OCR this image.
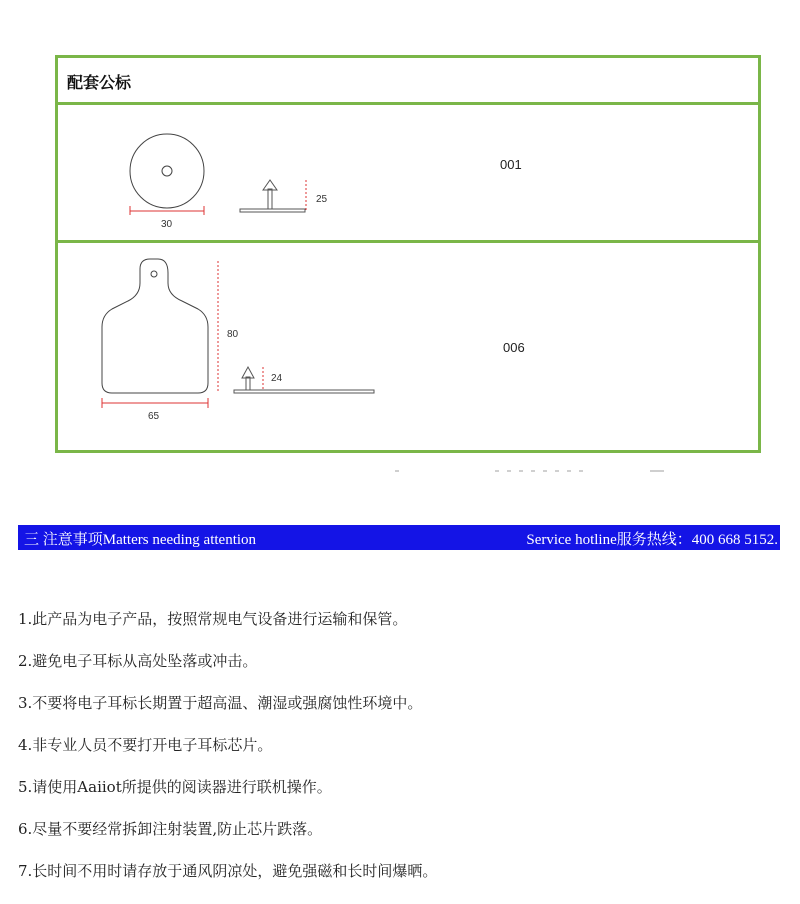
配套公标
30
25
001
80
65
24
006
三 注意事项Matters needing attention	Service hotline服务热线：400 668 5152.
1.此产品为电子产品，按照常规电气设备进行运输和保管。
2.避免电子耳标从高处坠落或冲击。
3.不要将电子耳标长期置于超高温、潮湿或强腐蚀性环境中。
4.非专业人员不要打开电子耳标芯片。
5.请使用Aaiiot所提供的阅读器进行联机操作。
6.尽量不要经常拆卸注射装置,防止芯片跌落。
7.长时间不用时请存放于通风阴凉处，避免强磁和长时间爆晒。
